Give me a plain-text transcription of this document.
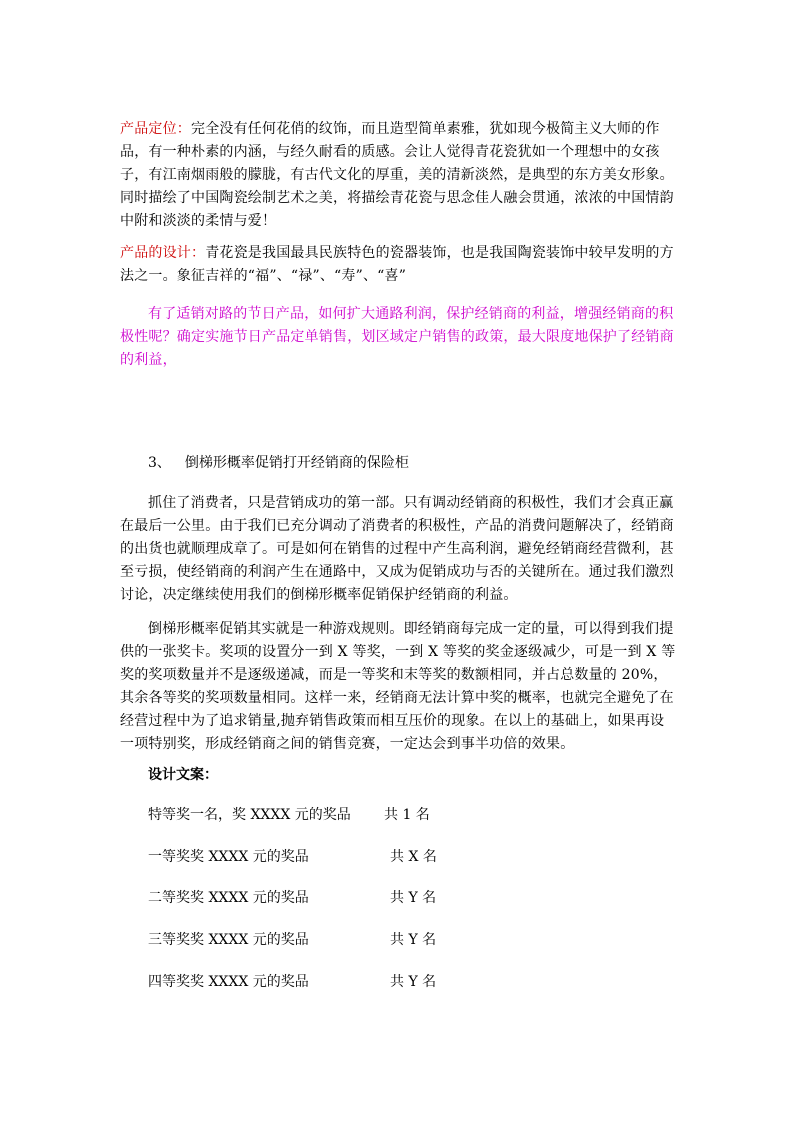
产品定位：完全没有任何花俏的纹饰，而且造型简单素雅，犹如现今极简主义大师的作品，有一种朴素的内涵，与经久耐看的质感。会让人觉得青花瓷犹如一个理想中的女孩子，有江南烟雨般的朦胧，有古代文化的厚重，美的清新淡然，是典型的东方美女形象。同时描绘了中国陶瓷绘制艺术之美，将描绘青花瓷与思念佳人融会贯通，浓浓的中国情韵中附和淡淡的柔情与爱！

产品的设计：青花瓷是我国最具民族特色的瓷器装饰，也是我国陶瓷装饰中较早发明的方法之一。象征吉祥的“福”、“禄”、“寿”、“喜”

有了适销对路的节日产品，如何扩大通路利润，保护经销商的利益，增强经销商的积极性呢？确定实施节日产品定单销售，划区域定户销售的政策，最大限度地保护了经销商的利益，

3、 倒梯形概率促销打开经销商的保险柜

抓住了消费者，只是营销成功的第一部。只有调动经销商的积极性，我们才会真正赢在最后一公里。由于我们已充分调动了消费者的积极性，产品的消费问题解决了，经销商的出货也就顺理成章了。可是如何在销售的过程中产生高利润，避免经销商经营微利，甚至亏损，使经销商的利润产生在通路中，又成为促销成功与否的关键所在。通过我们激烈讨论，决定继续使用我们的倒梯形概率促销保护经销商的利益。

倒梯形概率促销其实就是一种游戏规则。即经销商每完成一定的量，可以得到我们提供的一张奖卡。奖项的设置分一到 X 等奖，一到 X 等奖的奖金逐级减少，可是一到 X 等奖的奖项数量并不是逐级递减，而是一等奖和末等奖的数额相同，并占总数量的 20%，其余各等奖的奖项数量相同。这样一来，经销商无法计算中奖的概率，也就完全避免了在经营过程中为了追求销量,抛弃销售政策而相互压价的现象。在以上的基础上，如果再设一项特别奖，形成经销商之间的销售竞赛，一定达会到事半功倍的效果。

设计文案：

特等奖一名，奖 XXXX 元的奖品 共 1 名
一等奖奖 XXXX 元的奖品	共 X 名
二等奖奖 XXXX 元的奖品	共 Y 名
三等奖奖 XXXX 元的奖品	共 Y 名
四等奖奖 XXXX 元的奖品	共 Y 名
